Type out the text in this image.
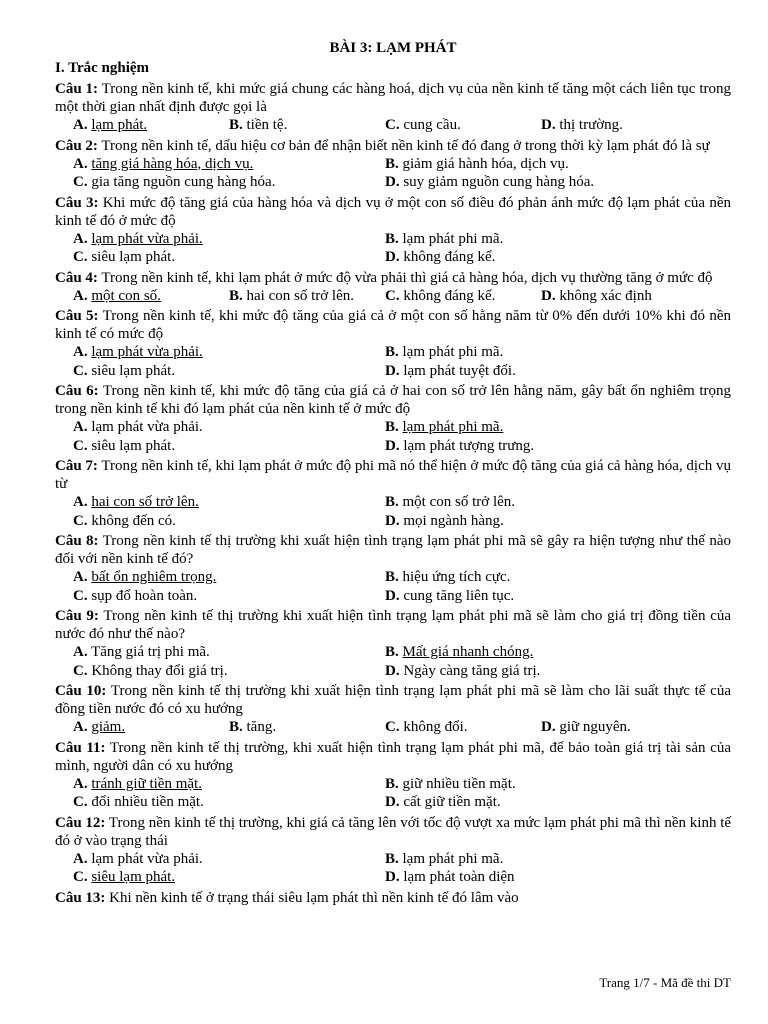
BÀI 3: LẠM PHÁT
I. Trắc nghiệm
Câu 1: Trong nền kinh tế, khi mức giá chung các hàng hoá, dịch vụ của nền kinh tế tăng một cách liên tục trong một thời gian nhất định được gọi là
A. lạm phát.	B. tiền tệ.	C. cung cầu.	D. thị trường.
Câu 2: Trong nền kinh tế, dấu hiệu cơ bản để nhận biết nền kinh tế đó đang ở trong thời kỳ lạm phát đó là sự
A. tăng giá hàng hóa, dịch vụ.	B. giảm giá hành hóa, dịch vụ.
C. gia tăng nguồn cung hàng hóa.	D. suy giảm nguồn cung hàng hóa.
Câu 3: Khi mức độ tăng giá của hàng hóa và dịch vụ ở một con số điều đó phản ánh mức độ lạm phát của nền kinh tế đó ở mức độ
A. lạm phát vừa phải.	B. lạm phát phi mã.
C. siêu lạm phát.	D. không đáng kể.
Câu 4: Trong nền kinh tế, khi lạm phát ở mức độ vừa phải thì giá cả hàng hóa, dịch vụ thường tăng ở mức độ
A. một con số.	B. hai con số trở lên.	C. không đáng kể.	D. không xác định
Câu 5: Trong nền kinh tế, khi mức độ tăng của giá cả ở một con số hằng năm từ 0% đến dưới 10% khi đó nền kinh tế có mức độ
A. lạm phát vừa phải.	B. lạm phát phi mã.
C. siêu lạm phát.	D. lạm phát tuyệt đối.
Câu 6: Trong nền kinh tế, khi mức độ tăng của giá cả ở hai con số trở lên hằng năm, gây bất ổn nghiêm trọng trong nền kinh tế khi đó lạm phát của nền kinh tế ở mức độ
A. lạm phát vừa phải.	B. lạm phát phi mã.
C. siêu lạm phát.	D. lạm phát tượng trưng.
Câu 7: Trong nền kinh tế, khi lạm phát ở mức độ phi mã nó thể hiện ở mức độ tăng của giá cả hàng hóa, dịch vụ từ
A. hai con số trở lên.	B. một con số trở lên.
C. không đến có.	D. mọi ngành hàng.
Câu 8: Trong nền kinh tế thị trường khi xuất hiện tình trạng lạm phát phi mã sẽ gây ra hiện tượng như thế nào đối với nền kinh tế đó?
A. bất ổn nghiêm trọng.	B. hiệu ứng tích cực.
C. sụp đổ hoàn toàn.	D. cung tăng liên tục.
Câu 9: Trong nền kinh tế thị trường khi xuất hiện tình trạng lạm phát phi mã sẽ làm cho giá trị đồng tiền của nước đó như thế nào?
A. Tăng giá trị phi mã.	B. Mất giá nhanh chóng.
C. Không thay đổi giá trị.	D. Ngày càng tăng giá trị.
Câu 10: Trong nền kinh tế thị trường khi xuất hiện tình trạng lạm phát phi mã sẽ làm cho lãi suất thực tế của đồng tiền nước đó có xu hướng
A. giảm.	B. tăng.	C. không đổi.	D. giữ nguyên.
Câu 11: Trong nền kinh tế thị trường, khi xuất hiện tình trạng lạm phát phi mã, để bảo toàn giá trị tài sản của mình, người dân có xu hướng
A. tránh giữ tiền mặt.	B. giữ nhiều tiền mặt.
C. đổi nhiều tiền mặt.	D. cất giữ tiền mặt.
Câu 12: Trong nền kinh tế thị trường, khi giá cả tăng lên với tốc độ vượt xa mức lạm phát phi mã thì nền kinh tế đó ở vào trạng thái
A. lạm phát vừa phải.	B. lạm phát phi mã.
C. siêu lạm phát.	D. lạm phát toàn diện
Câu 13: Khi nền kinh tế ở trạng thái siêu lạm phát thì nền kinh tế đó lâm vào
Trang 1/7 - Mã đề thi DT
